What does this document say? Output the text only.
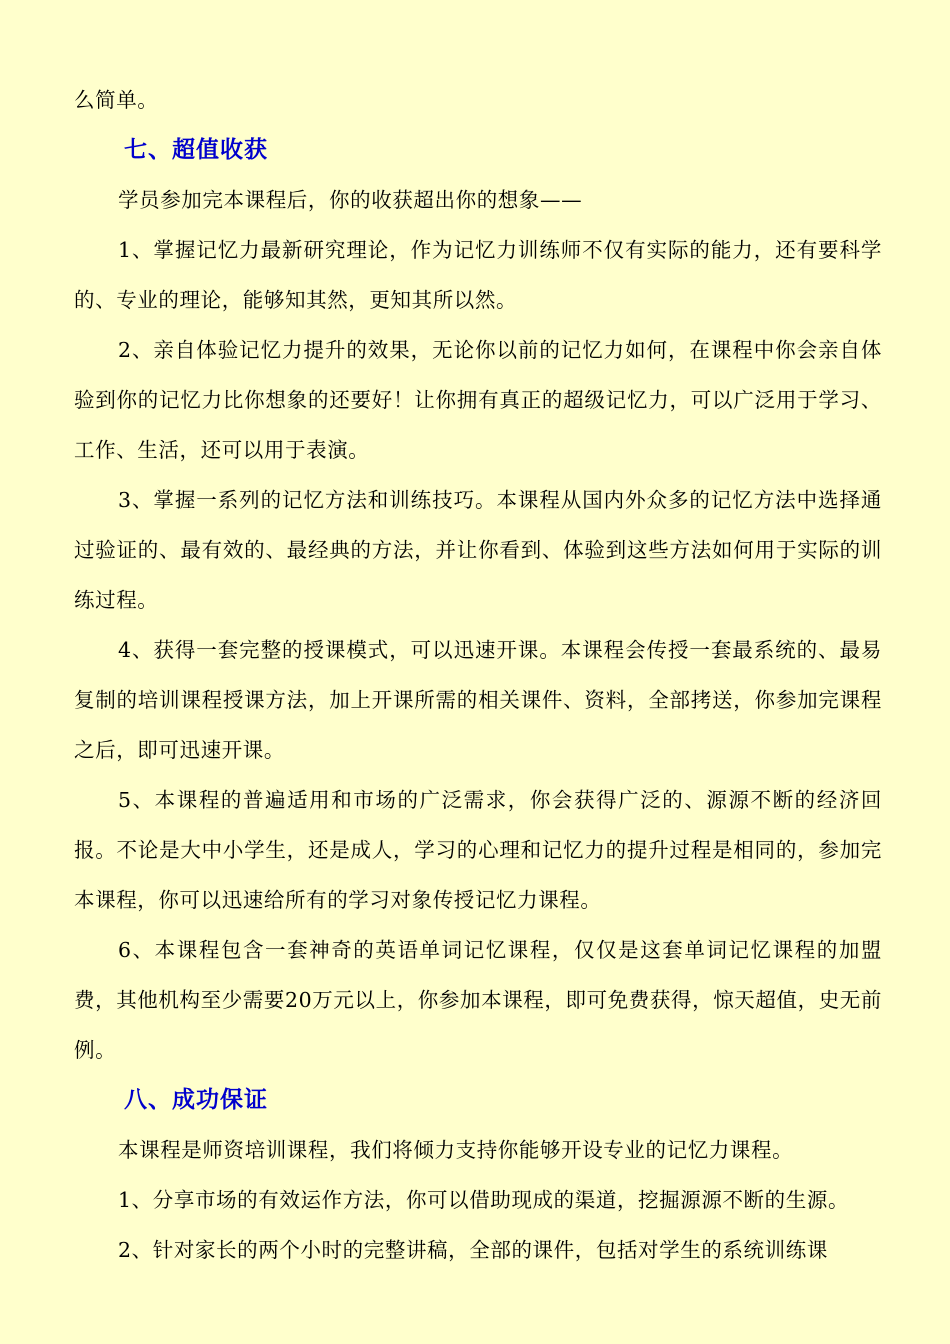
么简单。

七、超值收获

学员参加完本课程后，你的收获超出你的想象——

1、掌握记忆力最新研究理论，作为记忆力训练师不仅有实际的能力，还有要科学的、专业的理论，能够知其然，更知其所以然。

2、亲自体验记忆力提升的效果，无论你以前的记忆力如何，在课程中你会亲自体验到你的记忆力比你想象的还要好！让你拥有真正的超级记忆力，可以广泛用于学习、工作、生活，还可以用于表演。

3、掌握一系列的记忆方法和训练技巧。本课程从国内外众多的记忆方法中选择通过验证的、最有效的、最经典的方法，并让你看到、体验到这些方法如何用于实际的训练过程。

4、获得一套完整的授课模式，可以迅速开课。本课程会传授一套最系统的、最易复制的培训课程授课方法，加上开课所需的相关课件、资料，全部拷送，你参加完课程之后，即可迅速开课。

5、本课程的普遍适用和市场的广泛需求，你会获得广泛的、源源不断的经济回报。不论是大中小学生，还是成人，学习的心理和记忆力的提升过程是相同的，参加完本课程，你可以迅速给所有的学习对象传授记忆力课程。

6、本课程包含一套神奇的英语单词记忆课程，仅仅是这套单词记忆课程的加盟费，其他机构至少需要20万元以上，你参加本课程，即可免费获得，惊天超值，史无前例。

八、成功保证

本课程是师资培训课程，我们将倾力支持你能够开设专业的记忆力课程。

1、分享市场的有效运作方法，你可以借助现成的渠道，挖掘源源不断的生源。

2、针对家长的两个小时的完整讲稿，全部的课件，包括对学生的系统训练课
